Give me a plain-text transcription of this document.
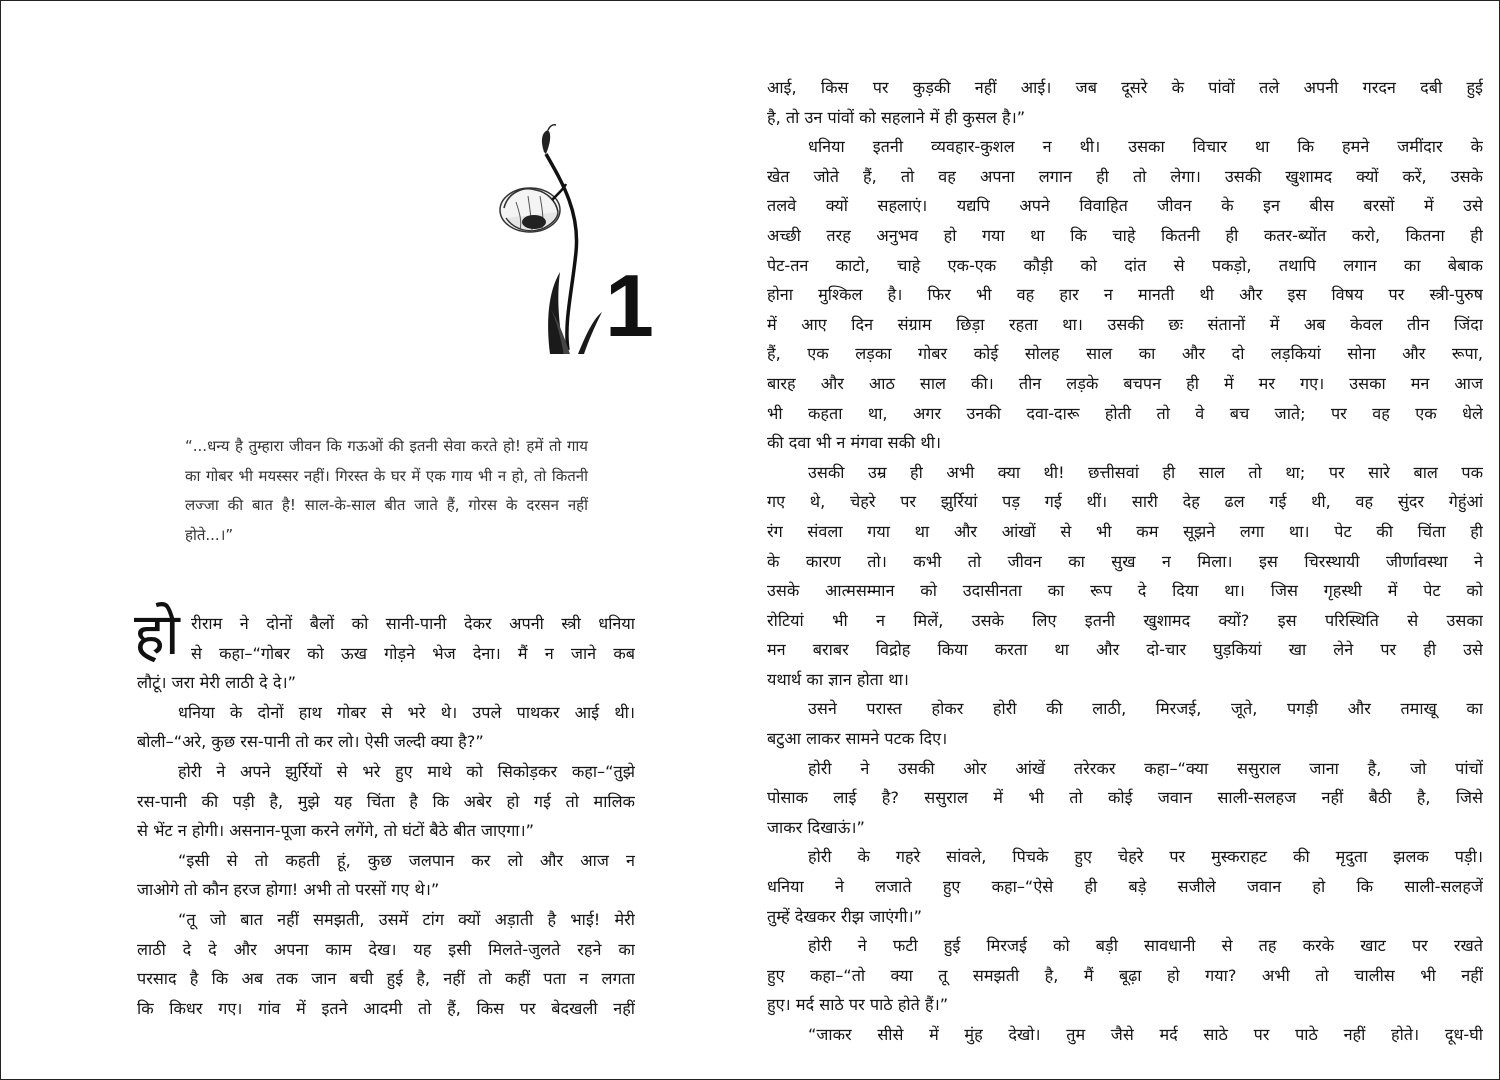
1
“...धन्य है तुम्हारा जीवन कि गऊओं की इतनी सेवा करते हो! हमें तो गाय का गोबर भी मयस्सर नहीं। गिरस्त के घर में एक गाय भी न हो, तो कितनी लज्जा की बात है! साल-के-साल बीत जाते हैं, गोरस के दरसन नहीं होते...।”
हो रीराम ने दोनों बैलों को सानी-पानी देकर अपनी स्त्री धनिया
से कहा–“गोबर को ऊख गोड़ने भेज देना। मैं न जाने कब
लौटूं। जरा मेरी लाठी दे दे।”
धनिया के दोनों हाथ गोबर से भरे थे। उपले पाथकर आई थी।
बोली–“अरे, कुछ रस-पानी तो कर लो। ऐसी जल्दी क्या है?”
होरी ने अपने झुर्रियों से भरे हुए माथे को सिकोड़कर कहा–“तुझे
रस-पानी की पड़ी है, मुझे यह चिंता है कि अबेर हो गई तो मालिक
से भेंट न होगी। असनान-पूजा करने लगेंगे, तो घंटों बैठे बीत जाएगा।”
“इसी से तो कहती हूं, कुछ जलपान कर लो और आज न
जाओगे तो कौन हरज होगा! अभी तो परसों गए थे।”
“तू जो बात नहीं समझती, उसमें टांग क्यों अड़ाती है भाई! मेरी
लाठी दे दे और अपना काम देख। यह इसी मिलते-जुलते रहने का
परसाद है कि अब तक जान बची हुई है, नहीं तो कहीं पता न लगता
कि किधर गए। गांव में इतने आदमी तो हैं, किस पर बेदखली नहीं
आई, किस पर कुड़की नहीं आई। जब दूसरे के पांवों तले अपनी गरदन दबी हुई
है, तो उन पांवों को सहलाने में ही कुसल है।”
धनिया इतनी व्यवहार-कुशल न थी। उसका विचार था कि हमने जमींदार के
खेत जोते हैं, तो वह अपना लगान ही तो लेगा। उसकी खुशामद क्यों करें, उसके
तलवे क्यों सहलाएं। यद्यपि अपने विवाहित जीवन के इन बीस बरसों में उसे
अच्छी तरह अनुभव हो गया था कि चाहे कितनी ही कतर-ब्योंत करो, कितना ही
पेट-तन काटो, चाहे एक-एक कौड़ी को दांत से पकड़ो, तथापि लगान का बेबाक
होना मुश्किल है। फिर भी वह हार न मानती थी और इस विषय पर स्त्री-पुरुष
में आए दिन संग्राम छिड़ा रहता था। उसकी छः संतानों में अब केवल तीन जिंदा
हैं, एक लड़का गोबर कोई सोलह साल का और दो लड़कियां सोना और रूपा,
बारह और आठ साल की। तीन लड़के बचपन ही में मर गए। उसका मन आज
भी कहता था, अगर उनकी दवा-दारू होती तो वे बच जाते; पर वह एक धेले
की दवा भी न मंगवा सकी थी।
उसकी उम्र ही अभी क्या थी! छत्तीसवां ही साल तो था; पर सारे बाल पक
गए थे, चेहरे पर झुर्रियां पड़ गई थीं। सारी देह ढल गई थी, वह सुंदर गेहुंआं
रंग संवला गया था और आंखों से भी कम सूझने लगा था। पेट की चिंता ही
के कारण तो। कभी तो जीवन का सुख न मिला। इस चिरस्थायी जीर्णावस्था ने
उसके आत्मसम्मान को उदासीनता का रूप दे दिया था। जिस गृहस्थी में पेट को
रोटियां भी न मिलें, उसके लिए इतनी खुशामद क्यों? इस परिस्थिति से उसका
मन बराबर विद्रोह किया करता था और दो-चार घुड़कियां खा लेने पर ही उसे
यथार्थ का ज्ञान होता था।
उसने परास्त होकर होरी की लाठी, मिरजई, जूते, पगड़ी और तमाखू का
बटुआ लाकर सामने पटक दिए।
होरी ने उसकी ओर आंखें तरेरकर कहा–“क्या ससुराल जाना है, जो पांचों
पोसाक लाई है? ससुराल में भी तो कोई जवान साली-सलहज नहीं बैठी है, जिसे
जाकर दिखाऊं।”
होरी के गहरे सांवले, पिचके हुए चेहरे पर मुस्कराहट की मृदुता झलक पड़ी।
धनिया ने लजाते हुए कहा–“ऐसे ही बड़े सजीले जवान हो कि साली-सलहजें
तुम्हें देखकर रीझ जाएंगी।”
होरी ने फटी हुई मिरजई को बड़ी सावधानी से तह करके खाट पर रखते
हुए कहा–“तो क्या तू समझती है, मैं बूढ़ा हो गया? अभी तो चालीस भी नहीं
हुए। मर्द साठे पर पाठे होते हैं।”
“जाकर सीसे में मुंह देखो। तुम जैसे मर्द साठे पर पाठे नहीं होते। दूध-घी
